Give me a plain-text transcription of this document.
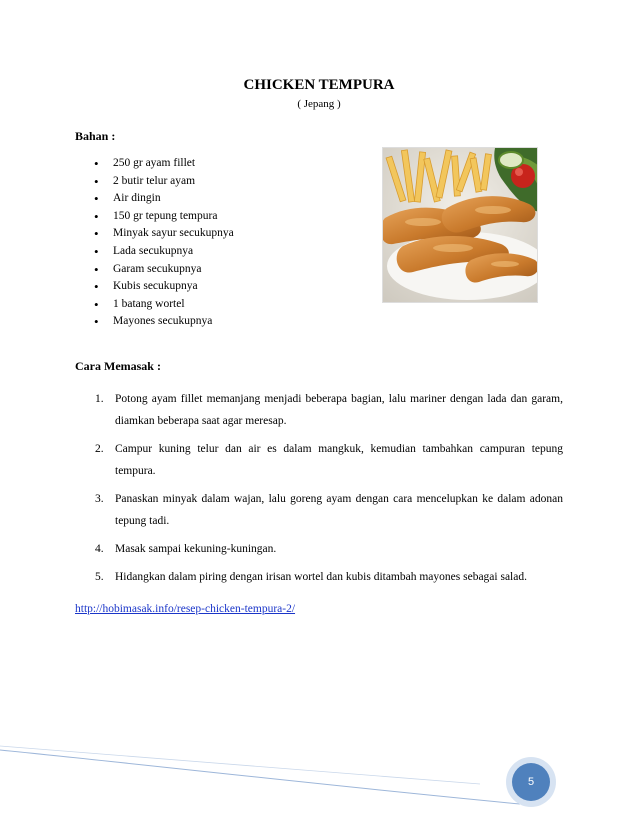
CHICKEN TEMPURA
( Jepang )
Bahan :
•	250 gr ayam fillet
•	2 butir telur ayam
•	Air dingin
•	150 gr tepung tempura
•	Minyak sayur secukupnya
•	Lada secukupnya
•	Garam secukupnya
•	Kubis secukupnya
•	1 batang wortel
•	Mayones secukupnya
Cara Memasak :
1. Potong ayam fillet memanjang menjadi beberapa bagian, lalu mariner dengan lada dan garam, diamkan beberapa saat agar meresap.
2. Campur kuning telur dan air es dalam mangkuk, kemudian tambahkan campuran tepung tempura.
3. Panaskan minyak dalam wajan, lalu goreng ayam dengan cara mencelupkan ke dalam adonan tepung tadi.
4. Masak sampai kekuning-kuningan.
5. Hidangkan dalam piring dengan irisan wortel dan kubis ditambah mayones sebagai salad.
http://hobimasak.info/resep-chicken-tempura-2/
5
